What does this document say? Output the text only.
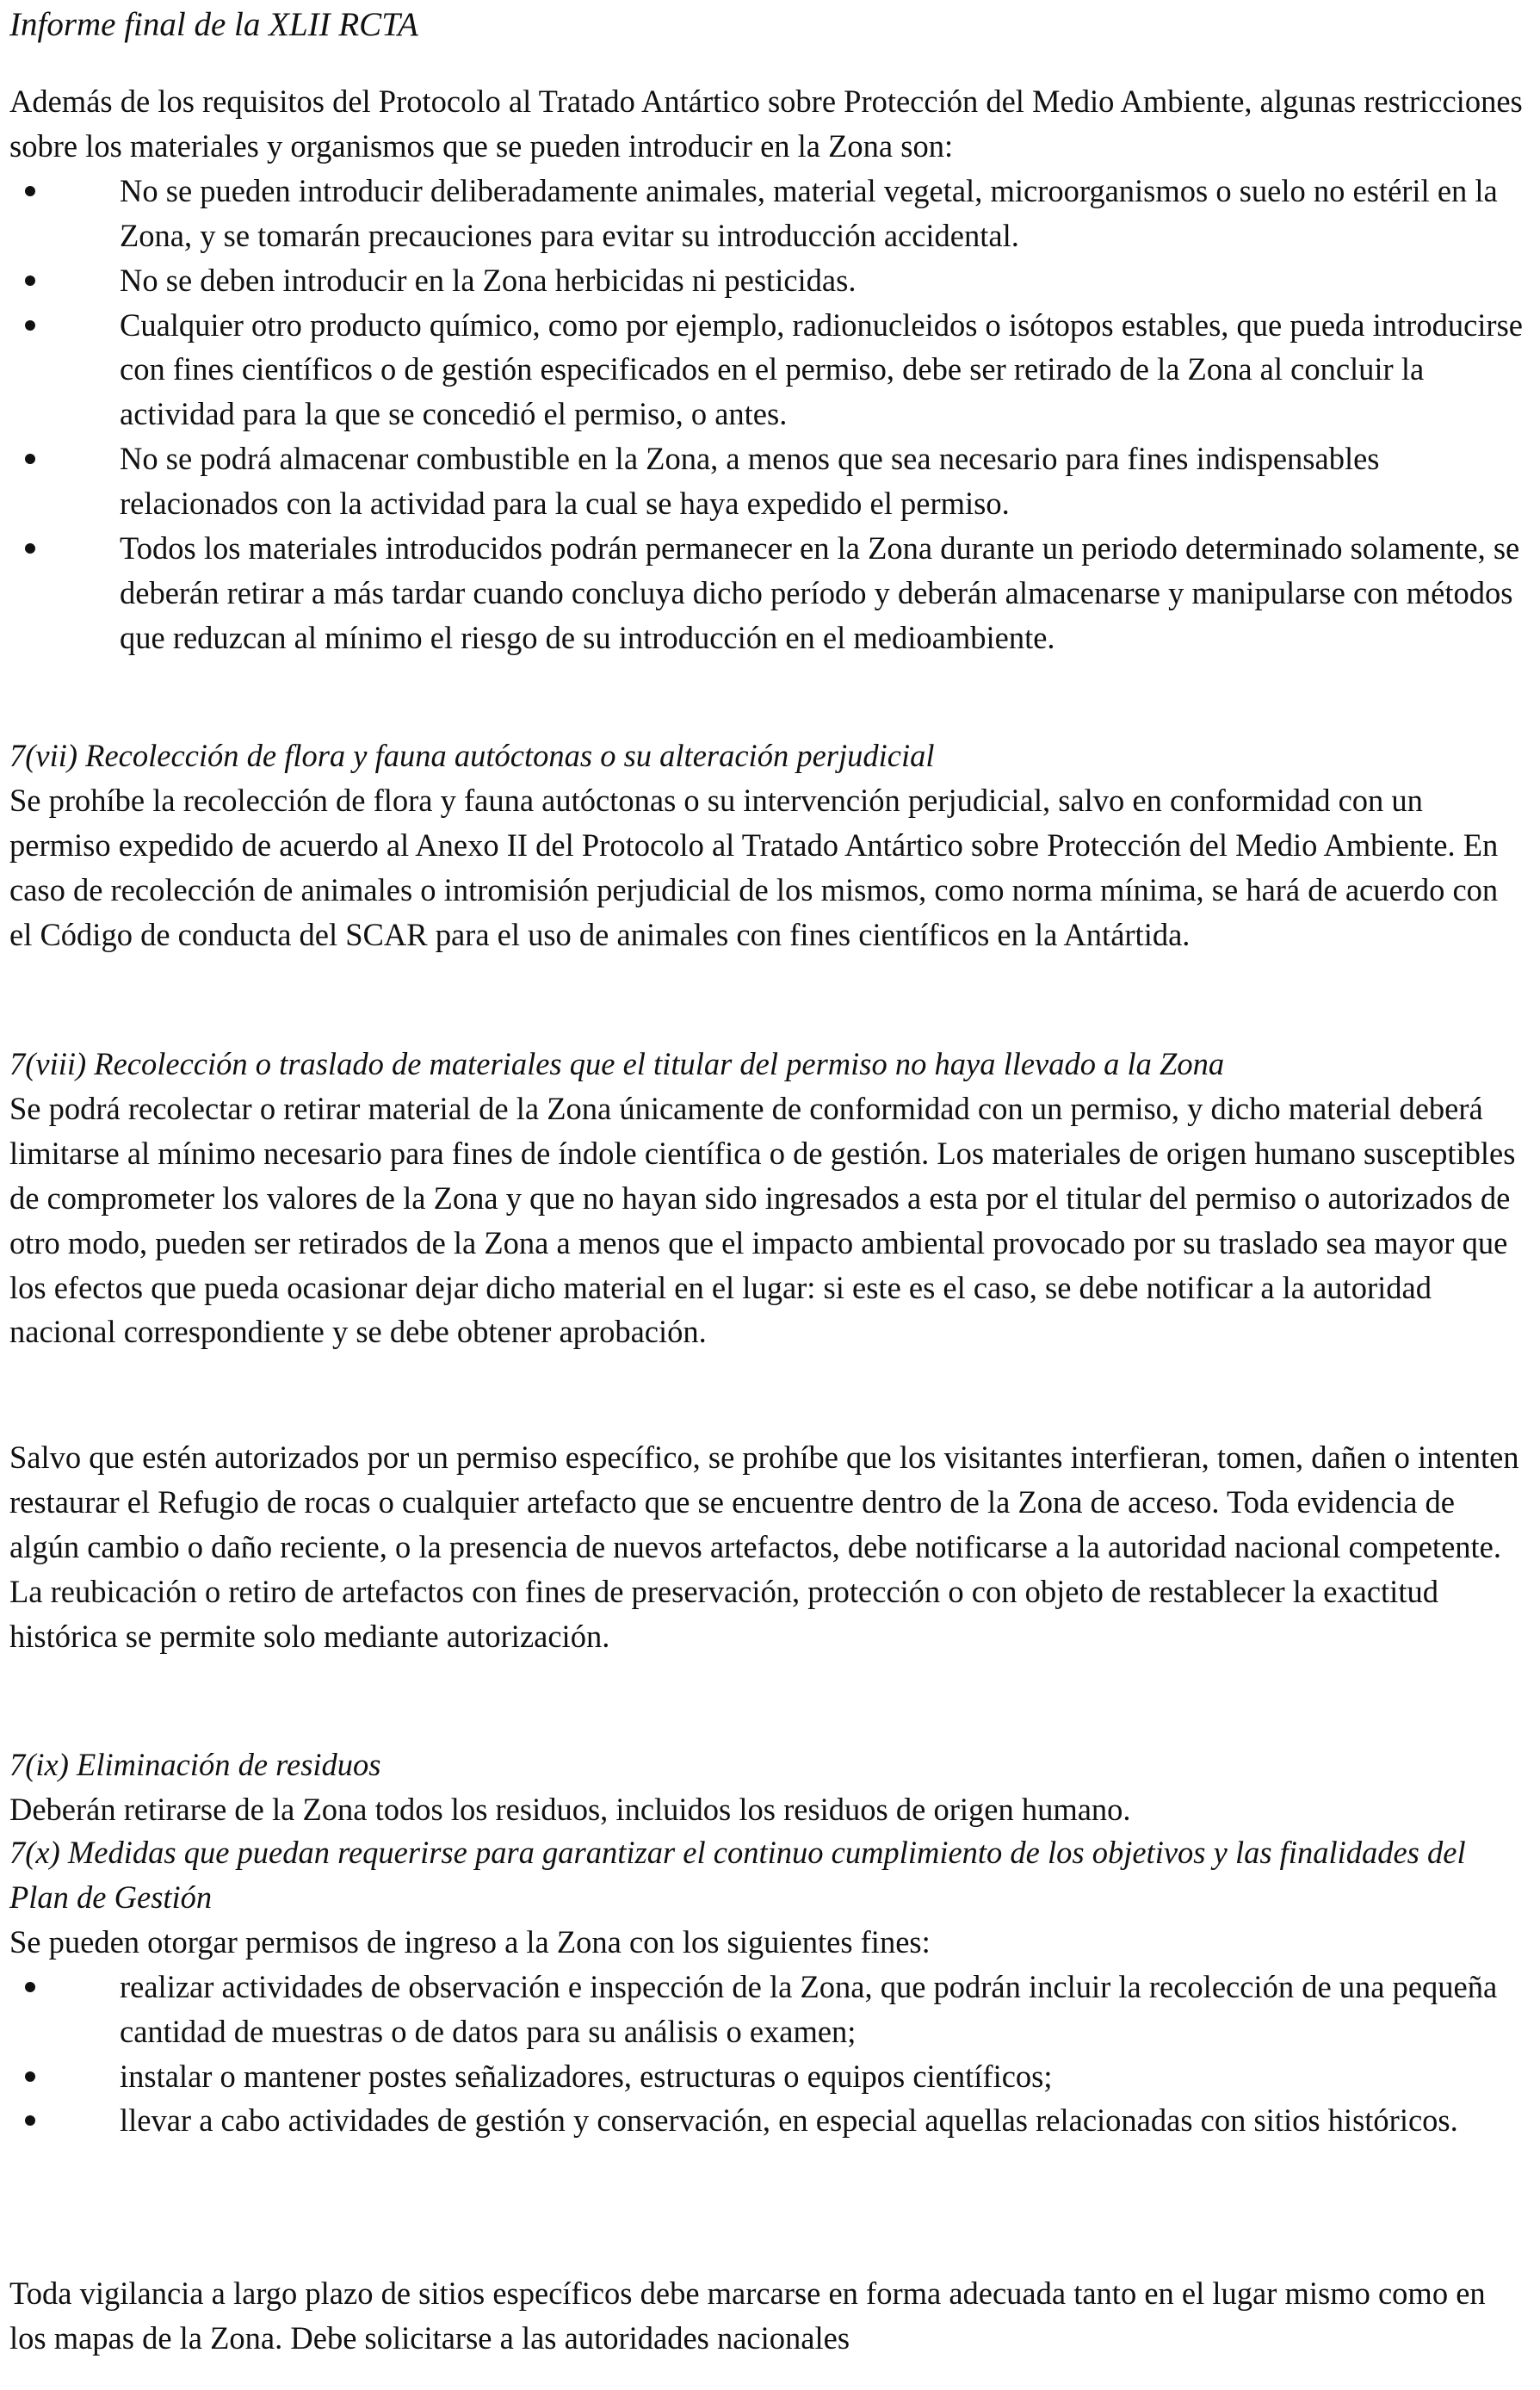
Informe final de la XLII RCTA

Además de los requisitos del Protocolo al Tratado Antártico sobre Protección del Medio Ambiente, algunas restricciones sobre los materiales y organismos que se pueden introducir en la Zona son:

No se pueden introducir deliberadamente animales, material vegetal, microorganismos o suelo no estéril en la Zona, y se tomarán precauciones para evitar su introducción accidental.
No se deben introducir en la Zona herbicidas ni pesticidas.
Cualquier otro producto químico, como por ejemplo, radionucleidos o isótopos estables, que pueda introducirse con fines científicos o de gestión especificados en el permiso, debe ser retirado de la Zona al concluir la actividad para la que se concedió el permiso, o antes.
No se podrá almacenar combustible en la Zona, a menos que sea necesario para fines indispensables relacionados con la actividad para la cual se haya expedido el permiso.
Todos los materiales introducidos podrán permanecer en la Zona durante un periodo determinado solamente, se deberán retirar a más tardar cuando concluya dicho período y deberán almacenarse y manipularse con métodos que reduzcan al mínimo el riesgo de su introducción en el medioambiente.

7(vii) Recolección de flora y fauna autóctonas o su alteración perjudicial

Se prohíbe la recolección de flora y fauna autóctonas o su intervención perjudicial, salvo en conformidad con un permiso expedido de acuerdo al Anexo II del Protocolo al Tratado Antártico sobre Protección del Medio Ambiente. En caso de recolección de animales o intromisión perjudicial de los mismos, como norma mínima, se hará de acuerdo con el Código de conducta del SCAR para el uso de animales con fines científicos en la Antártida.

7(viii) Recolección o traslado de materiales que el titular del permiso no haya llevado a la Zona

Se podrá recolectar o retirar material de la Zona únicamente de conformidad con un permiso, y dicho material deberá limitarse al mínimo necesario para fines de índole científica o de gestión. Los materiales de origen humano susceptibles de comprometer los valores de la Zona y que no hayan sido ingresados a esta por el titular del permiso o autorizados de otro modo, pueden ser retirados de la Zona a menos que el impacto ambiental provocado por su traslado sea mayor que los efectos que pueda ocasionar dejar dicho material en el lugar: si este es el caso, se debe notificar a la autoridad nacional correspondiente y se debe obtener aprobación.

Salvo que estén autorizados por un permiso específico, se prohíbe que los visitantes interfieran, tomen, dañen o intenten restaurar el Refugio de rocas o cualquier artefacto que se encuentre dentro de la Zona de acceso. Toda evidencia de algún cambio o daño reciente, o la presencia de nuevos artefactos, debe notificarse a la autoridad nacional competente. La reubicación o retiro de artefactos con fines de preservación, protección o con objeto de restablecer la exactitud histórica se permite solo mediante autorización.

7(ix) Eliminación de residuos

Deberán retirarse de la Zona todos los residuos, incluidos los residuos de origen humano.

7(x) Medidas que puedan requerirse para garantizar el continuo cumplimiento de los objetivos y las finalidades del Plan de Gestión

Se pueden otorgar permisos de ingreso a la Zona con los siguientes fines:

realizar actividades de observación e inspección de la Zona, que podrán incluir la recolección de una pequeña cantidad de muestras o de datos para su análisis o examen;
instalar o mantener postes señalizadores, estructuras o equipos científicos;
llevar a cabo actividades de gestión y conservación, en especial aquellas relacionadas con sitios históricos.

Toda vigilancia a largo plazo de sitios específicos debe marcarse en forma adecuada tanto en el lugar mismo como en los mapas de la Zona. Debe solicitarse a las autoridades nacionales
